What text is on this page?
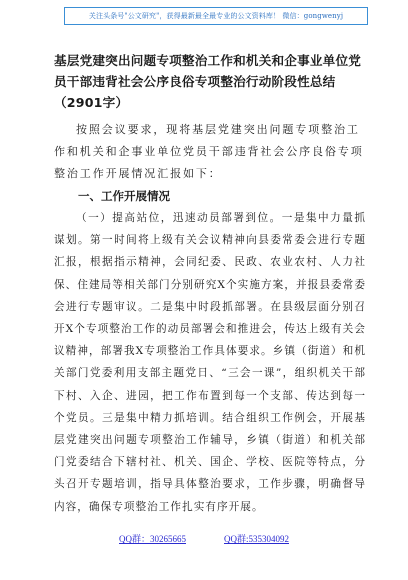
关注头条号"公文研究"，获得最新最全最专业的公文资料库！ 微信：gongwenyj
基层党建突出问题专项整治工作和机关和企事业单位党员干部违背社会公序良俗专项整治行动阶段性总结（2901字）

按照会议要求，现将基层党建突出问题专项整治工作和机关和企事业单位党员干部违背社会公序良俗专项整治工作开展情况汇报如下：

一、工作开展情况

（一）提高站位，迅速动员部署到位。一是集中力量抓谋划。第一时间将上级有关会议精神向县委常委会进行专题汇报，根据指示精神，会同纪委、民政、农业农村、人力社保、住建局等相关部门分别研究X个实施方案，并报县委常委会进行专题审议。二是集中时段抓部署。在县级层面分别召开X个专项整治工作的动员部署会和推进会，传达上级有关会议精神，部署我X专项整治工作具体要求。乡镇（街道）和机关部门党委利用支部主题党日、“三会一课”，组织机关干部下村、入企、进园，把工作布置到每一个支部、传达到每一个党员。三是集中精力抓培训。结合组织工作例会，开展基层党建突出问题专项整治工作辅导，乡镇（街道）和机关部门党委结合下辖村社、机关、国企、学校、医院等特点，分头召开专题培训，指导具体整治要求，工作步骤，明确督导内容，确保专项整治工作扎实有序开展。

QQ群：30265665	QQ群:535304092
